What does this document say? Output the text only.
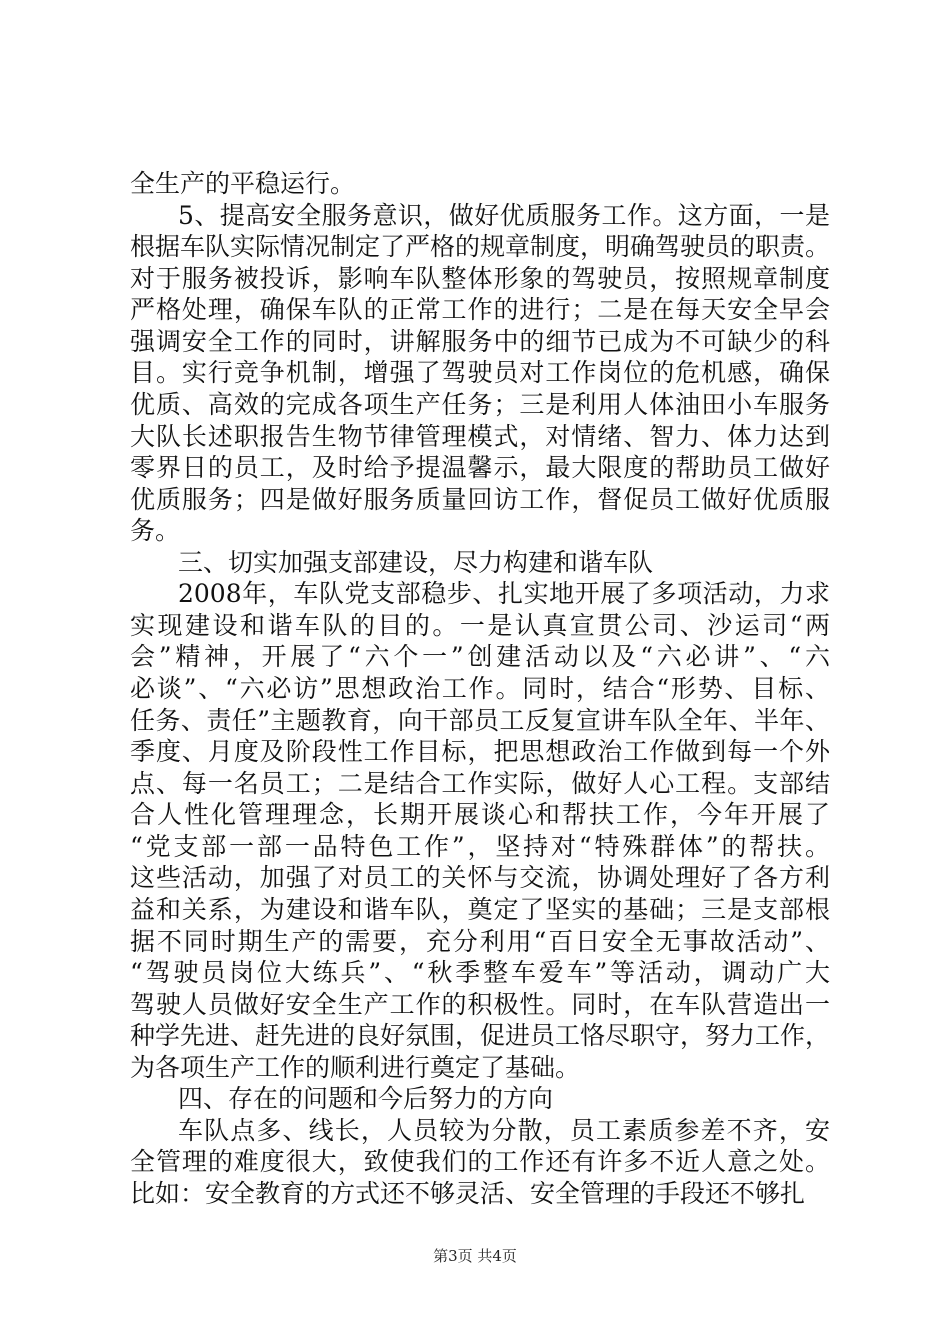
全生产的平稳运行。
5、提高安全服务意识，做好优质服务工作。这方面，一是
根据车队实际情况制定了严格的规章制度，明确驾驶员的职责。
对于服务被投诉，影响车队整体形象的驾驶员，按照规章制度
严格处理，确保车队的正常工作的进行；二是在每天安全早会
强调安全工作的同时，讲解服务中的细节已成为不可缺少的科
目。实行竞争机制，增强了驾驶员对工作岗位的危机感，确保
优质、高效的完成各项生产任务；三是利用人体油田小车服务
大队长述职报告生物节律管理模式，对情绪、智力、体力达到
零界日的员工，及时给予提温馨示，最大限度的帮助员工做好
优质服务；四是做好服务质量回访工作，督促员工做好优质服
务。
三、切实加强支部建设，尽力构建和谐车队
2008年，车队党支部稳步、扎实地开展了多项活动，力求
实现建设和谐车队的目的。一是认真宣贯公司、沙运司“两
会”精神，开展了“六个一”创建活动以及“六必讲”、“六
必谈”、“六必访”思想政治工作。同时，结合“形势、目标、
任务、责任”主题教育，向干部员工反复宣讲车队全年、半年、
季度、月度及阶段性工作目标，把思想政治工作做到每一个外
点、每一名员工；二是结合工作实际，做好人心工程。支部结
合人性化管理理念，长期开展谈心和帮扶工作，今年开展了
“党支部一部一品特色工作”，坚持对“特殊群体”的帮扶。
这些活动，加强了对员工的关怀与交流，协调处理好了各方利
益和关系，为建设和谐车队，奠定了坚实的基础；三是支部根
据不同时期生产的需要，充分利用“百日安全无事故活动”、
“驾驶员岗位大练兵”、“秋季整车爱车”等活动，调动广大
驾驶人员做好安全生产工作的积极性。同时，在车队营造出一
种学先进、赶先进的良好氛围，促进员工恪尽职守，努力工作，
为各项生产工作的顺利进行奠定了基础。
四、存在的问题和今后努力的方向
车队点多、线长，人员较为分散，员工素质参差不齐，安
全管理的难度很大，致使我们的工作还有许多不近人意之处。
比如：安全教育的方式还不够灵活、安全管理的手段还不够扎
第3页 共4页
